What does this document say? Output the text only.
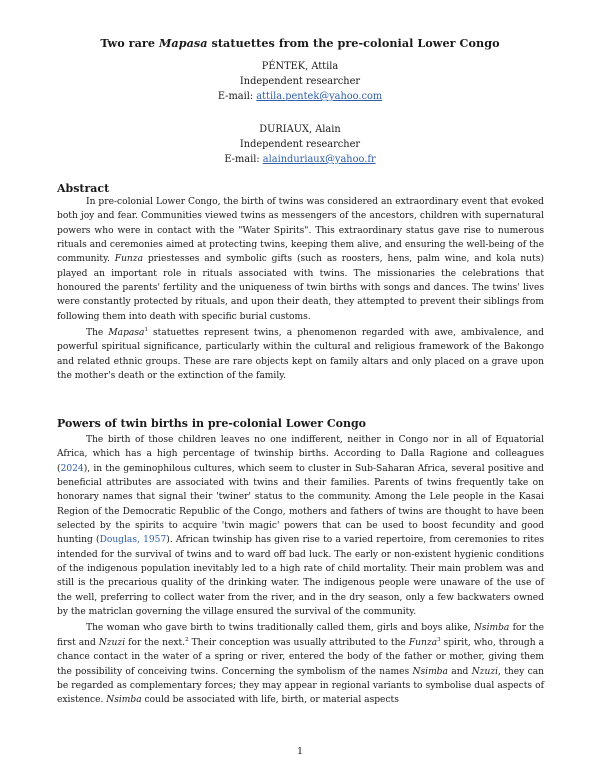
Two rare Mapasa statuettes from the pre-colonial Lower Congo
PÉNTEK, Attila
Independent researcher
E-mail: attila.pentek@yahoo.com
DURIAUX, Alain
Independent researcher
E-mail: alainduriaux@yahoo.fr
Abstract

In pre-colonial Lower Congo, the birth of twins was considered an extraordinary event that evoked both joy and fear. Communities viewed twins as messengers of the ancestors, children with supernatural powers who were in contact with the "Water Spirits". This extraordinary status gave rise to numerous rituals and ceremonies aimed at protecting twins, keeping them alive, and ensuring the well-being of the community. Funza priestesses and symbolic gifts (such as roosters, hens, palm wine, and kola nuts) played an important role in rituals associated with twins. The missionaries the celebrations that honoured the parents' fertility and the uniqueness of twin births with songs and dances. The twins' lives were constantly protected by rituals, and upon their death, they attempted to prevent their siblings from following them into death with specific burial customs.

The Mapasa$^1$ statuettes represent twins, a phenomenon regarded with awe, ambivalence, and powerful spiritual significance, particularly within the cultural and religious framework of the Bakongo and related ethnic groups. These are rare objects kept on family altars and only placed on a grave upon the mother's death or the extinction of the family.

Powers of twin births in pre-colonial Lower Congo

The birth of those children leaves no one indifferent, neither in Congo nor in all of Equatorial Africa, which has a high percentage of twinship births. According to Dalla Ragione and colleagues (2024), in the geminophilous cultures, which seem to cluster in Sub-Saharan Africa, several positive and beneficial attributes are associated with twins and their families. Parents of twins frequently take on honorary names that signal their 'twiner' status to the community. Among the Lele people in the Kasai Region of the Democratic Republic of the Congo, mothers and fathers of twins are thought to have been selected by the spirits to acquire 'twin magic' powers that can be used to boost fecundity and good hunting (Douglas, 1957). African twinship has given rise to a varied repertoire, from ceremonies to rites intended for the survival of twins and to ward off bad luck. The early or non-existent hygienic conditions of the indigenous population inevitably led to a high rate of child mortality. Their main problem was and still is the precarious quality of the drinking water. The indigenous people were unaware of the use of the well, preferring to collect water from the river, and in the dry season, only a few backwaters owned by the matriclan governing the village ensured the survival of the community.

The woman who gave birth to twins traditionally called them, girls and boys alike, Nsimba for the first and Nzuzi for the next.$^2$ Their conception was usually attributed to the Funza$^3$ spirit, who, through a chance contact in the water of a spring or river, entered the body of the father or mother, giving them the possibility of conceiving twins. Concerning the symbolism of the names Nsimba and Nzuzi, they can be regarded as complementary forces; they may appear in regional variants to symbolise dual aspects of existence. Nsimba could be associated with life, birth, or material aspects

1
